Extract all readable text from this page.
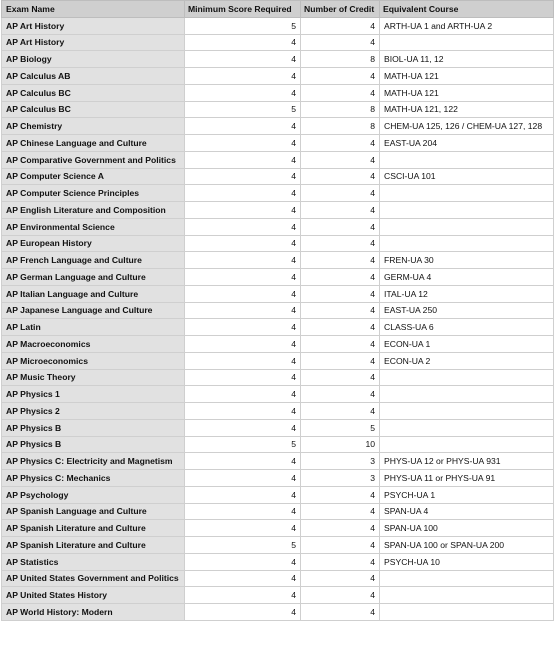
Exam Name	Minimum Score Required	Number of Credit	Equivalent Course
AP Art History	5	4	ARTH-UA 1 and ARTH-UA 2
AP Art History	4	4	
AP Biology	4	8	BIOL-UA 11, 12
AP Calculus AB	4	4	MATH-UA 121
AP Calculus BC	4	4	MATH-UA 121
AP Calculus BC	5	8	MATH-UA 121, 122
AP Chemistry	4	8	CHEM-UA 125, 126 / CHEM-UA 127, 128
AP Chinese Language and Culture	4	4	EAST-UA 204
AP Comparative Government and Politics	4	4	
AP Computer Science A	4	4	CSCI-UA 101
AP Computer Science Principles	4	4	
AP English Literature and Composition	4	4	
AP Environmental Science	4	4	
AP European History	4	4	
AP French Language and Culture	4	4	FREN-UA 30
AP German Language and Culture	4	4	GERM-UA 4
AP Italian Language and Culture	4	4	ITAL-UA 12
AP Japanese Language and Culture	4	4	EAST-UA 250
AP Latin	4	4	CLASS-UA 6
AP Macroeconomics	4	4	ECON-UA 1
AP Microeconomics	4	4	ECON-UA 2
AP Music Theory	4	4	
AP Physics 1	4	4	
AP Physics 2	4	4	
AP Physics B	4	5	
AP Physics B	5	10	
AP Physics C: Electricity and Magnetism	4	3	PHYS-UA 12 or PHYS-UA 931
AP Physics C: Mechanics	4	3	PHYS-UA 11 or PHYS-UA 91
AP Psychology	4	4	PSYCH-UA 1
AP Spanish Language and Culture	4	4	SPAN-UA 4
AP Spanish Literature and Culture	4	4	SPAN-UA 100
AP Spanish Literature and Culture	5	4	SPAN-UA 100 or SPAN-UA 200
AP Statistics	4	4	PSYCH-UA 10
AP United States Government and Politics	4	4	
AP United States History	4	4	
AP World History: Modern	4	4	
